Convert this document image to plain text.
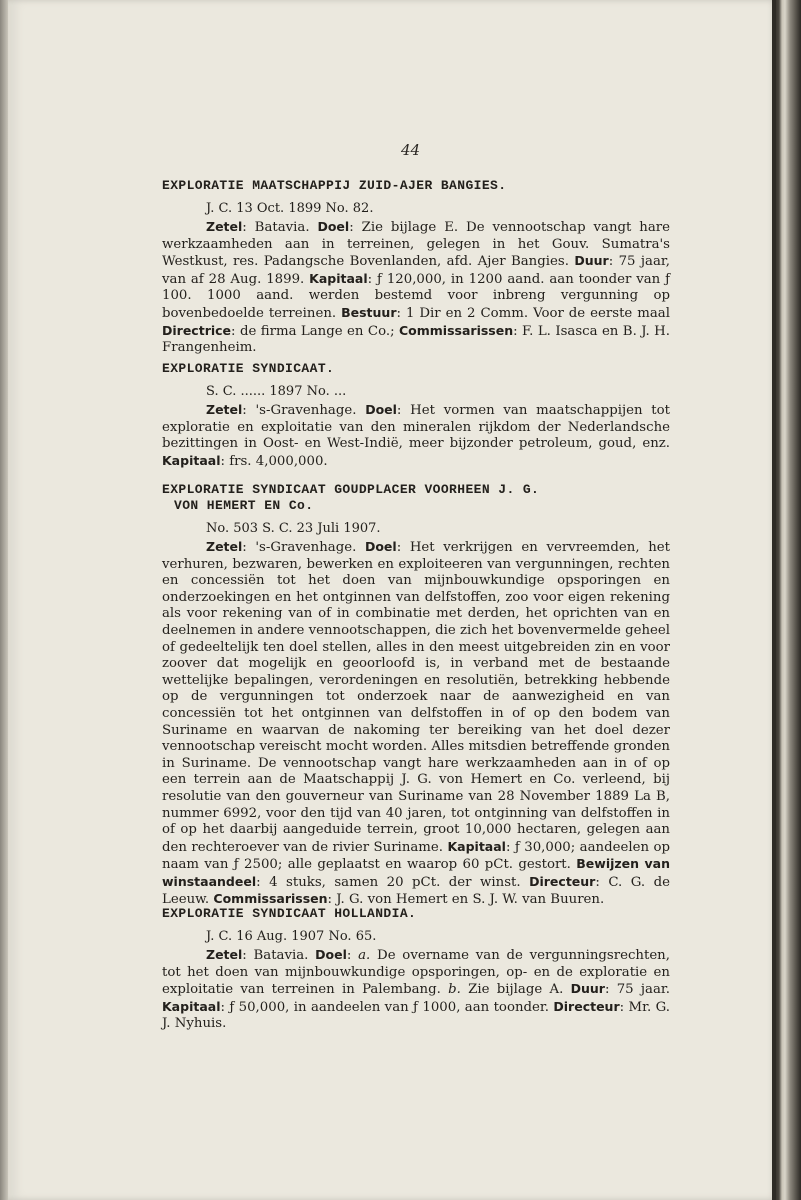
44
EXPLORATIE MAATSCHAPPIJ ZUID-AJER BANGIES.
J. C. 13 Oct. 1899 No. 82.

Zetel: Batavia. Doel: Zie bijlage E. De vennootschap vangt hare werkzaamheden aan in terreinen, gelegen in het Gouv. Sumatra's Westkust, res. Padangsche Bovenlanden, afd. Ajer Bangies. Duur: 75 jaar, van af 28 Aug. 1899. Kapitaal: ƒ 120,000, in 1200 aand. aan toonder van ƒ 100. 1000 aand. werden bestemd voor inbreng vergunning op bovenbedoelde terreinen. Bestuur: 1 Dir en 2 Comm. Voor de eerste maal Directrice: de firma Lange en Co.; Commissarissen: F. L. Isasca en B. J. H. Frangenheim.

EXPLORATIE SYNDICAAT.
S. C. ...... 1897 No. ...

Zetel: 's-Gravenhage. Doel: Het vormen van maatschappijen tot exploratie en exploitatie van den mineralen rijkdom der Nederlandsche bezittingen in Oost- en West-Indië, meer bijzonder petroleum, goud, enz. Kapitaal: frs. 4,000,000.

EXPLORATIE SYNDICAAT GOUDPLACER VOORHEEN J. G.
VON HEMERT EN Co.
No. 503 S. C. 23 Juli 1907.

Zetel: 's-Gravenhage. Doel: Het verkrijgen en vervreemden, het verhuren, bezwaren, bewerken en exploiteeren van vergunningen, rechten en concessiën tot het doen van mijnbouwkundige opsporingen en onderzoekingen en het ontginnen van delfstoffen, zoo voor eigen rekening als voor rekening van of in combinatie met derden, het oprichten van en deelnemen in andere vennootschappen, die zich het bovenvermelde geheel of gedeeltelijk ten doel stellen, alles in den meest uitgebreiden zin en voor zoover dat mogelijk en geoorloofd is, in verband met de bestaande wettelijke bepalingen, verordeningen en resolutiën, betrekking hebbende op de vergunningen tot onderzoek naar de aanwezigheid en van concessiën tot het ontginnen van delfstoffen in of op den bodem van Suriname en waarvan de nakoming ter bereiking van het doel dezer vennootschap vereischt mocht worden. Alles mitsdien betreffende gronden in Suriname. De vennootschap vangt hare werkzaamheden aan in of op een terrein aan de Maatschappij J. G. von Hemert en Co. verleend, bij resolutie van den gouverneur van Suriname van 28 November 1889 La B, nummer 6992, voor den tijd van 40 jaren, tot ontginning van delfstoffen in of op het daarbij aangeduide terrein, groot 10,000 hectaren, gelegen aan den rechteroever van de rivier Suriname. Kapitaal: ƒ 30,000; aandeelen op naam van ƒ 2500; alle geplaatst en waarop 60 pCt. gestort. Bewijzen van winstaandeel: 4 stuks, samen 20 pCt. der winst. Directeur: C. G. de Leeuw. Commissarissen: J. G. von Hemert en S. J. W. van Buuren.

EXPLORATIE SYNDICAAT HOLLANDIA.
J. C. 16 Aug. 1907 No. 65.

Zetel: Batavia. Doel: a. De overname van de vergunningsrechten, tot het doen van mijnbouwkundige opsporingen, op- en de exploratie en exploitatie van terreinen in Palembang. b. Zie bijlage A. Duur: 75 jaar. Kapitaal: ƒ 50,000, in aandeelen van ƒ 1000, aan toonder. Directeur: Mr. G. J. Nyhuis.
